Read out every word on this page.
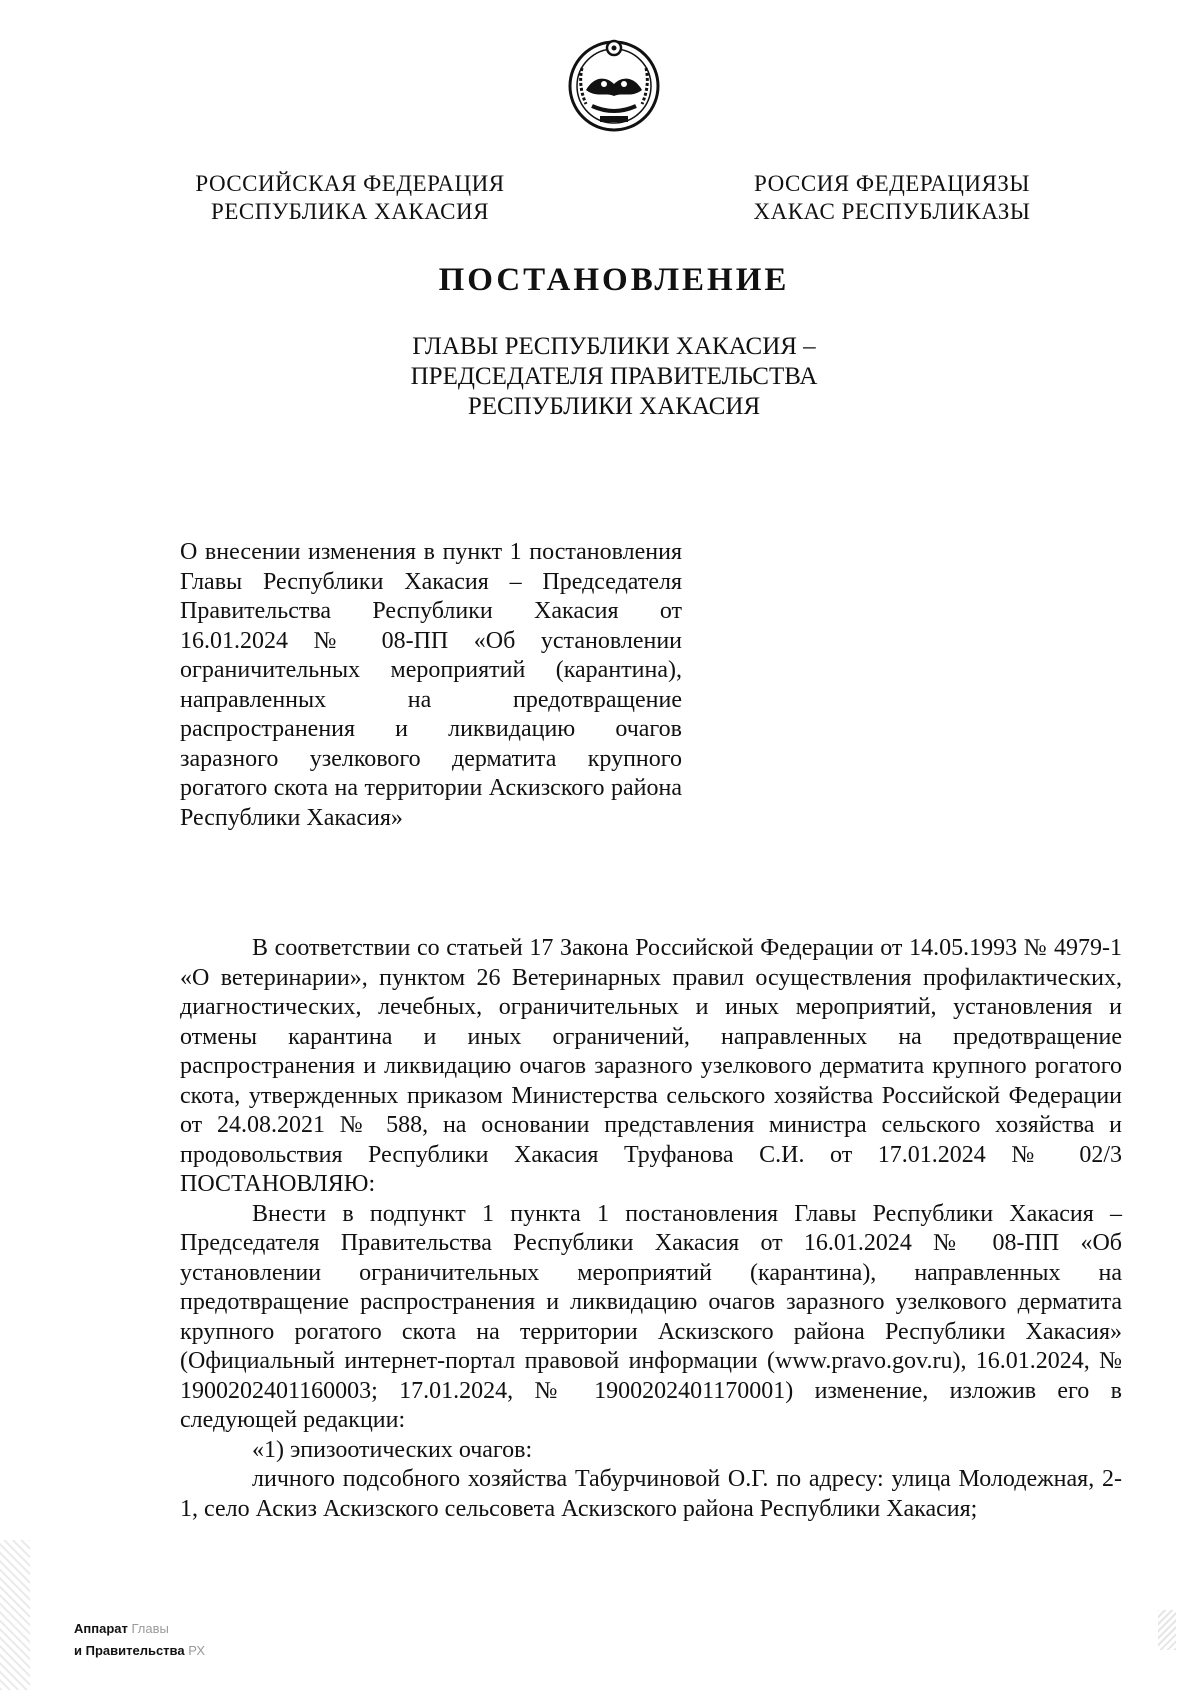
РОССИЙСКАЯ ФЕДЕРАЦИЯ
РЕСПУБЛИКА ХАКАСИЯ
РОССИЯ ФЕДЕРАЦИЯЗЫ
ХАКАС РЕСПУБЛИКАЗЫ
ПОСТАНОВЛЕНИЕ
ГЛАВЫ РЕСПУБЛИКИ ХАКАСИЯ –
ПРЕДСЕДАТЕЛЯ ПРАВИТЕЛЬСТВА
РЕСПУБЛИКИ ХАКАСИЯ
О внесении изменения в пункт 1 постановления Главы Республики Хакасия – Председателя Правительства Республики Хакасия от 16.01.2024 № 08-ПП «Об установлении ограничительных мероприятий (карантина), направленных на предотвращение распространения и ликвидацию очагов заразного узелкового дерматита крупного рогатого скота на территории Аскизского района Республики Хакасия»

В соответствии со статьей 17 Закона Российской Федерации от 14.05.1993 № 4979-1 «О ветеринарии», пунктом 26 Ветеринарных правил осуществления профилактических, диагностических, лечебных, ограничительных и иных мероприятий, установления и отмены карантина и иных ограничений, направленных на предотвращение распространения и ликвидацию очагов заразного узелкового дерматита крупного рогатого скота, утвержденных приказом Министерства сельского хозяйства Российской Федерации от 24.08.2021 № 588, на основании представления министра сельского хозяйства и продовольствия Республики Хакасия Труфанова С.И. от 17.01.2024 № 02/3 ПОСТАНОВЛЯЮ:

Внести в подпункт 1 пункта 1 постановления Главы Республики Хакасия – Председателя Правительства Республики Хакасия от 16.01.2024 № 08-ПП «Об установлении ограничительных мероприятий (карантина), направленных на предотвращение распространения и ликвидацию очагов заразного узелкового дерматита крупного рогатого скота на территории Аскизского района Республики Хакасия» (Официальный интернет-портал правовой информации (www.pravo.gov.ru), 16.01.2024, № 1900202401160003; 17.01.2024, № 1900202401170001) изменение, изложив его в следующей редакции:

«1) эпизоотических очагов:

личного подсобного хозяйства Табурчиновой О.Г. по адресу: улица Молодежная, 2-1, село Аскиз Аскизского сельсовета Аскизского района Республики Хакасия;

Аппарат Главы
и Правительства РХ
